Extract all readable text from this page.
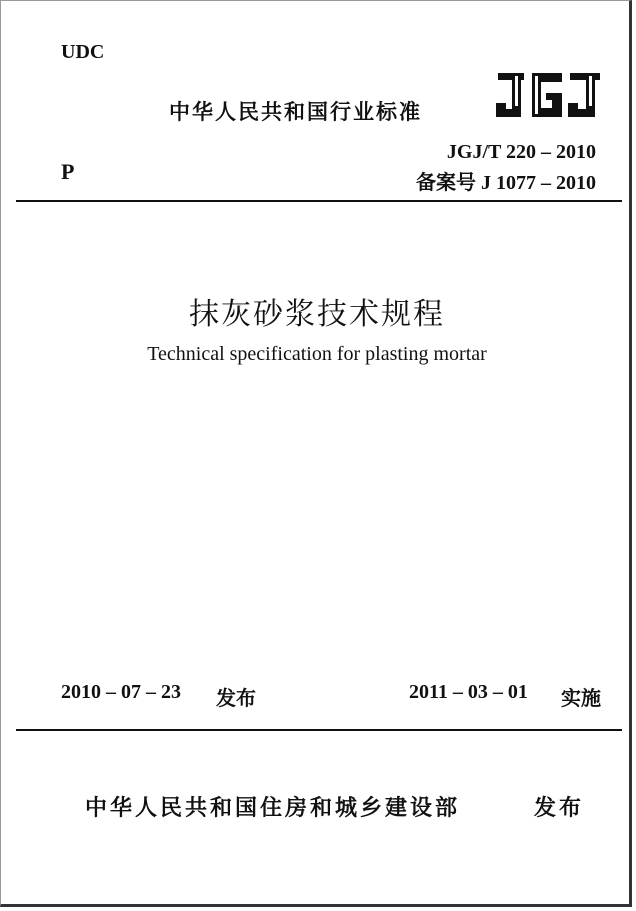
UDC
中华人民共和国行业标准
JGJ/T 220 – 2010
P	备案号 J 1077 – 2010
抹灰砂浆技术规程
Technical specification for plasting mortar
2010 – 07 – 23 发布	2011 – 03 – 01 实施
中华人民共和国住房和城乡建设部	发布
